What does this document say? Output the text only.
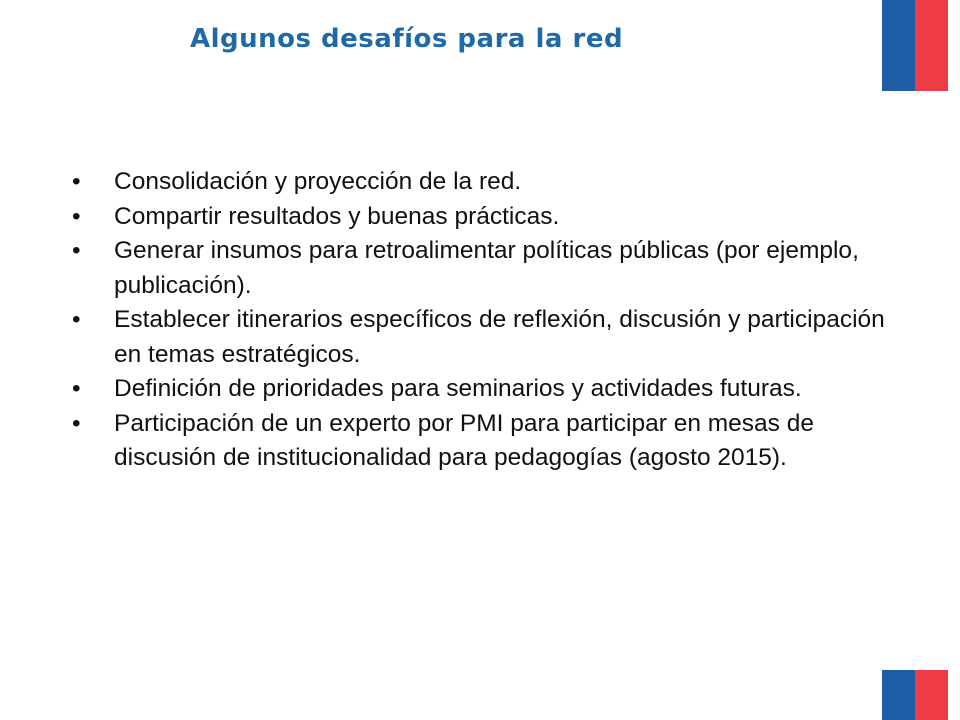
Algunos desafíos para la red
• Consolidación y proyección de la red.
• Compartir resultados y buenas prácticas.
• Generar insumos para retroalimentar políticas públicas (por ejemplo, publicación).
• Establecer itinerarios específicos de reflexión, discusión y participación en temas estratégicos.
• Definición de prioridades para seminarios y actividades futuras.
• Participación de un experto por PMI para participar en mesas de discusión de institucionalidad para pedagogías (agosto 2015).
